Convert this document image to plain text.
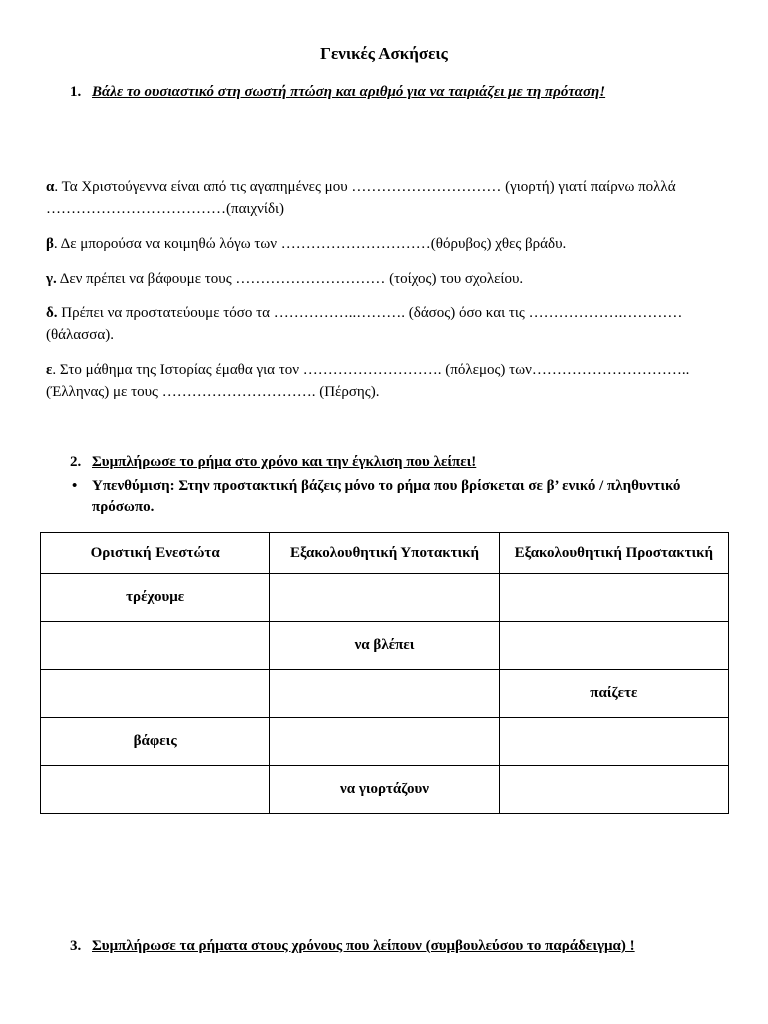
Γενικές Ασκήσεις
1. Βάλε το ουσιαστικό στη σωστή πτώση και αριθμό για να ταιριάζει με τη πρόταση!
α. Τα Χριστούγεννα είναι από τις αγαπημένες μου ………………………… (γιορτή) γιατί παίρνω πολλά ………………………………(παιχνίδι)
β. Δε μπορούσα να κοιμηθώ λόγω των …………………………(θόρυβος) χθες βράδυ.
γ. Δεν πρέπει να βάφουμε τους ………………………… (τοίχος) του σχολείου.
δ. Πρέπει να προστατεύουμε τόσο τα ……………..………. (δάσος) όσο και τις ……………….………… (θάλασσα).
ε. Στο μάθημα της Ιστορίας έμαθα για τον ………………………. (πόλεμος) των………………………….. (Έλληνας) με τους …………………………. (Πέρσης).
2. Συμπλήρωσε το ρήμα στο χρόνο και την έγκλιση που λείπει!
• Υπενθύμιση: Στην προστακτική βάζεις μόνο το ρήμα που βρίσκεται σε β’ ενικό / πληθυντικό πρόσωπο.
Οριστική Ενεστώτα	Εξακολουθητική Υποτακτική	Εξακολουθητική Προστακτική
τρέχουμε		
	να βλέπει	
		παίζετε
βάφεις		
	να γιορτάζουν	
3. Συμπλήρωσε τα ρήματα στους χρόνους που λείπουν (συμβουλεύσου το παράδειγμα) !
